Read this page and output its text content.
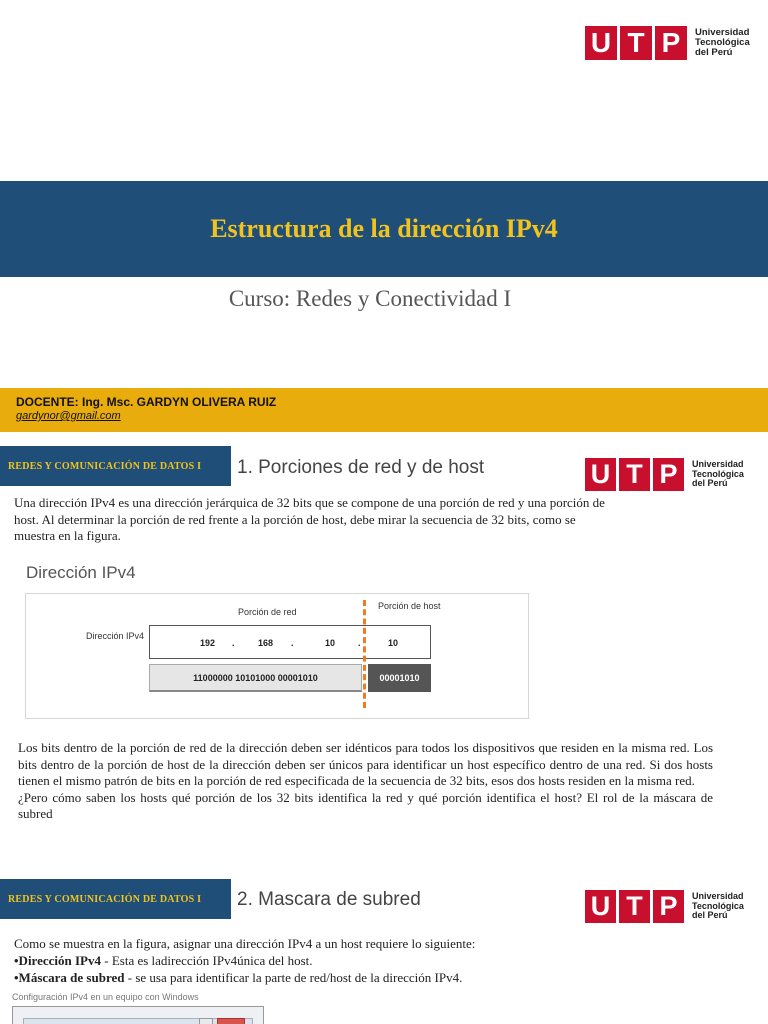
U T P	Universidad
Tecnológica
del Perú
Estructura de la dirección IPv4
Curso: Redes y Conectividad I
DOCENTE: Ing. Msc. GARDYN OLIVERA RUIZ
gardynor@gmail.com
REDES Y COMUNICACIÓN DE DATOS I	1. Porciones de red y de host	U T P	Universidad
Tecnológica
del Perú
Una dirección IPv4 es una dirección jerárquica de 32 bits que se compone de una porción de red y una porción de host. Al determinar la porción de red frente a la porción de host, debe mirar la secuencia de 32 bits, como se muestra en la figura.
Dirección IPv4
Porción de red
Porción de host
Dirección IPv4
192 .	168 .	10	.	10
11000000 10101000 00001010	00001010
Los bits dentro de la porción de red de la dirección deben ser idénticos para todos los dispositivos que residen en la misma red. Los bits dentro de la porción de host de la dirección deben ser únicos para identificar un host específico dentro de una red. Si dos hosts tienen el mismo patrón de bits en la porción de red especificada de la secuencia de 32 bits, esos dos hosts residen en la misma red.
¿Pero cómo saben los hosts qué porción de los 32 bits identifica la red y qué porción identifica el host? El rol de la máscara de subred
REDES Y COMUNICACIÓN DE DATOS I	2. Mascara de subred	U T P	Universidad
Tecnológica
del Perú
Como se muestra en la figura, asignar una dirección IPv4 a un host requiere lo siguiente:
•Dirección IPv4 - Esta es ladirección IPv4única del host.
•Máscara de subred - se usa para identificar la parte de red/host de la dirección IPv4.
Configuración IPv4 en un equipo con Windows
